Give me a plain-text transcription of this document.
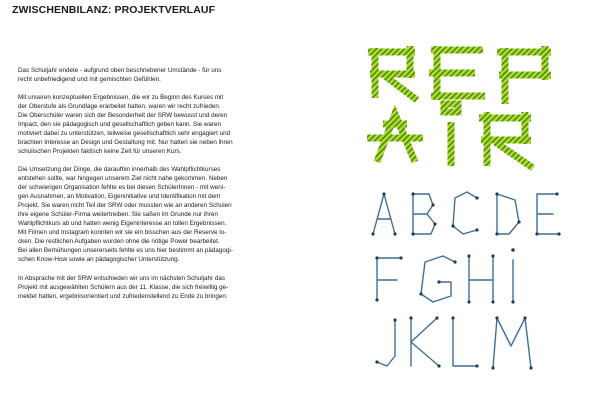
ZWISCHENBILANZ: PROJEKTVERLAUF

Das Schuljahr endete - aufgrund oben beschriebener Umstände - für uns
recht unbefriedigend und mit gemischten Gefühlen.

Mit unseren konzeptuellen Ergebnissen, die wir zu Beginn des Kurses mit
der Oberstufe als Grundlage erarbeitet hatten, waren wir recht zufrieden.
Die Oberschüler waren sich der Besonderheit der SRW bewusst und deren
Impact, den sie pädagogisch und gesellschaftlich geben kann. Sie waren
motiviert dabei zu unterstützen, teilweise gesellschaftlich sehr engagiert und
brachten Interesse an Design und Gestaltung mit. Nur hatten sie neben ihren
schulischen Projekten faktisch keine Zeit für unseren Kurs.

Die Umsetzung der Dinge, die daraufhin innerhalb des Wahlpflichtkurses
entstehen sollte, war hingegen unserem Ziel nicht nahe gekommen. Neben
der schwierigen Organisation fehlte es bei diesen SchülerInnen - mit weni-
gen Ausnahmen, an Motivation, Eigeninitiative und Identifikation mit dem
Projekt. Sie waren nicht Teil der SRW oder mussten wie an anderen Schulen
ihre eigene Schüler-Firma weitertreiben. Sie saßen im Grunde nur ihren
Wahlpflichtkurs ab und hatten wenig Eigeninteresse an tollen Ergebnissen.
Mit Filmen und Instagram konnten wir sie ein bisschen aus der Reserve lo-
cken. Die restlichen Aufgaben wurden ohne die nötige Power bearbeitet.
Bei allen Bemühungen unsererseits fehlte es uns hier bestimmt an pädagogi-
schen Know-How sowie an pädagogischer Unterstützung.

In Absprache mit der SRW entschieden wir uns im nächsten Schuljahr das
Projekt mit ausgewählten Schülern aus der 11. Klasse, die sich freiwillig ge-
meldet hatten, ergebnisorientiert und zufriedenstellend zu Ende zu bringen.
